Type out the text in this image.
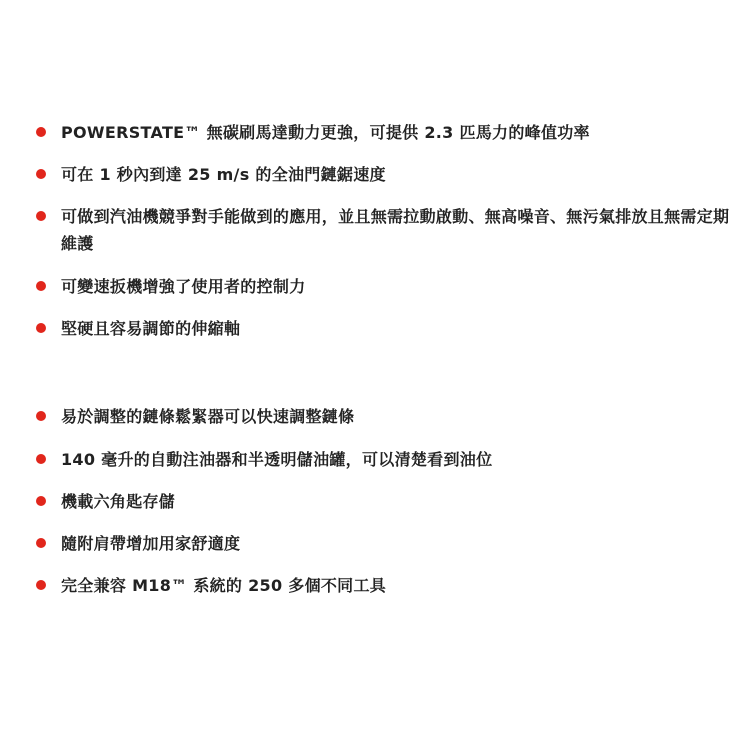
POWERSTATE™ 無碳刷馬達動力更強，可提供 2.3 匹馬力的峰值功率
可在 1 秒內到達 25 m/s 的全油門鏈鋸速度
可做到汽油機競爭對手能做到的應用，並且無需拉動啟動、無高噪音、無污氣排放且無需定期維護
可變速扳機增強了使用者的控制力
堅硬且容易調節的伸縮軸
易於調整的鏈條鬆緊器可以快速調整鏈條
140 毫升的自動注油器和半透明儲油罐，可以清楚看到油位
機載六角匙存儲
隨附肩帶增加用家舒適度
完全兼容 M18™ 系統的 250 多個不同工具
